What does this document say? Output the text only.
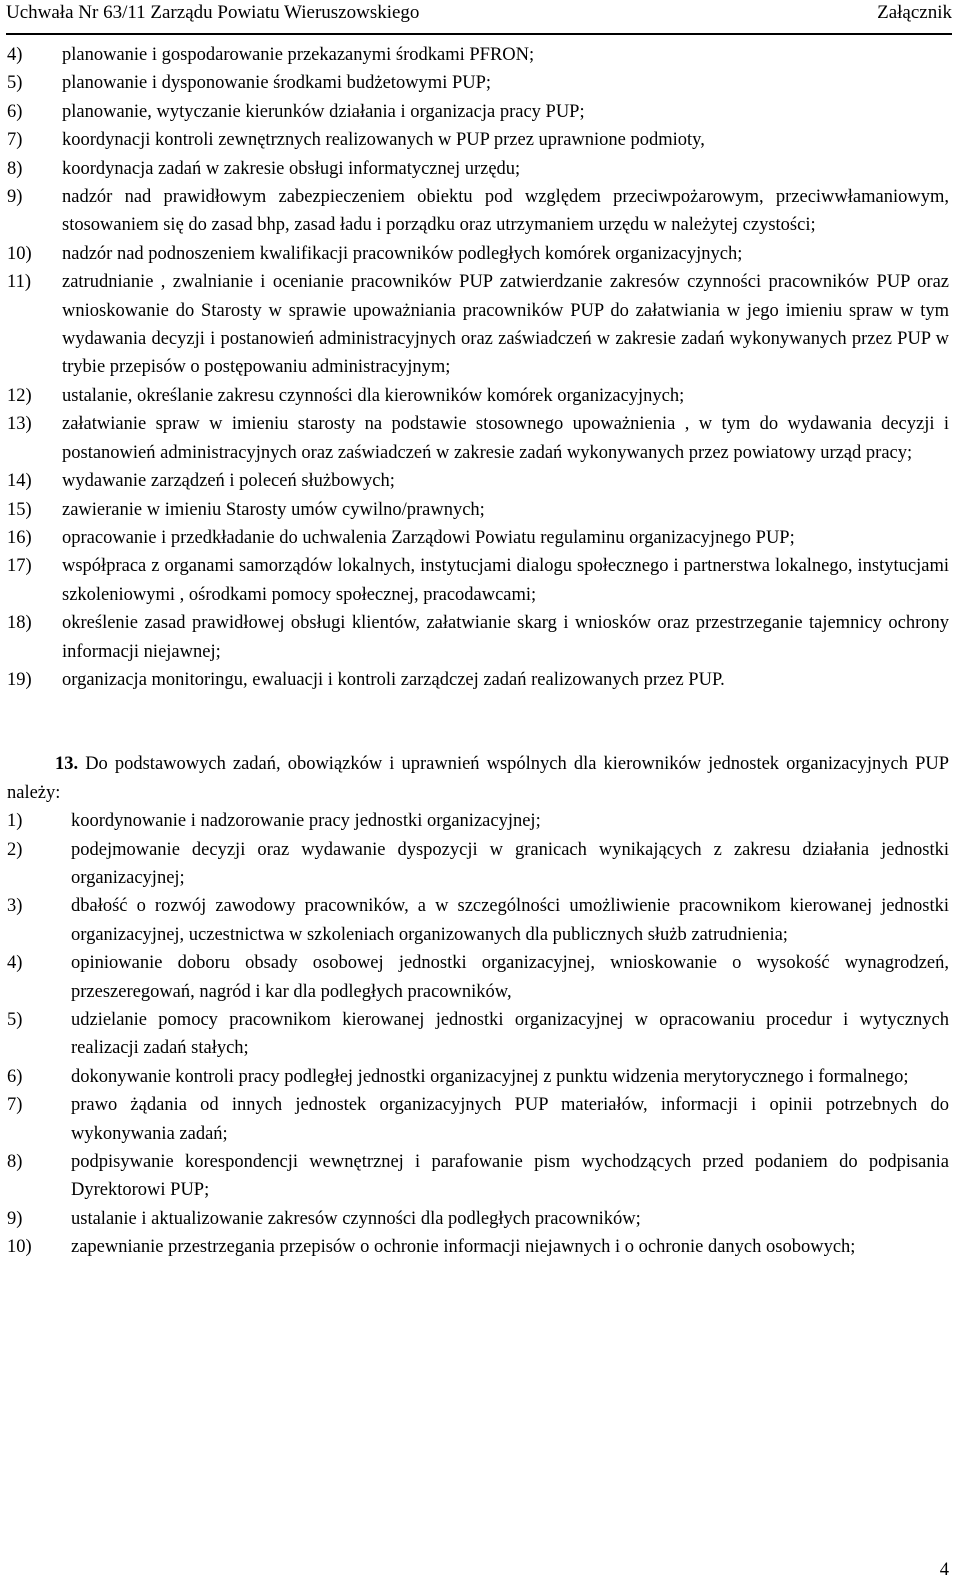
Uchwała Nr 63/11 Zarządu Powiatu Wieruszowskiego	Załącznik
4) planowanie i gospodarowanie przekazanymi środkami PFRON;
5) planowanie i dysponowanie środkami budżetowymi PUP;
6) planowanie, wytyczanie kierunków działania i organizacja pracy PUP;
7) koordynacji kontroli zewnętrznych realizowanych w PUP przez uprawnione podmioty,
8) koordynacja zadań w zakresie obsługi informatycznej urzędu;
9) nadzór nad prawidłowym zabezpieczeniem obiektu pod względem przeciwpożarowym, przeciwwłamaniowym, stosowaniem się do zasad bhp, zasad ładu i porządku oraz utrzymaniem urzędu w należytej czystości;
10) nadzór nad podnoszeniem kwalifikacji pracowników podległych komórek organizacyjnych;
11) zatrudnianie , zwalnianie i ocenianie pracowników PUP zatwierdzanie zakresów czynności pracowników PUP oraz wnioskowanie do Starosty w sprawie upoważniania pracowników PUP do załatwiania w jego imieniu spraw w tym wydawania decyzji i postanowień administracyjnych oraz zaświadczeń w zakresie zadań wykonywanych przez PUP w trybie przepisów o postępowaniu administracyjnym;
12) ustalanie, określanie zakresu czynności dla kierowników komórek organizacyjnych;
13) załatwianie spraw w imieniu starosty na podstawie stosownego upoważnienia , w tym do wydawania decyzji i postanowień administracyjnych oraz zaświadczeń w zakresie zadań wykonywanych przez powiatowy urząd pracy;
14) wydawanie zarządzeń i poleceń służbowych;
15) zawieranie w imieniu Starosty umów cywilno/prawnych;
16) opracowanie i przedkładanie do uchwalenia Zarządowi Powiatu regulaminu organizacyjnego PUP;
17) współpraca z organami samorządów lokalnych, instytucjami dialogu społecznego i partnerstwa lokalnego, instytucjami szkoleniowymi , ośrodkami pomocy społecznej, pracodawcami;
18) określenie zasad prawidłowej obsługi klientów, załatwianie skarg i wniosków oraz przestrzeganie tajemnicy ochrony informacji niejawnej;
19) organizacja monitoringu, ewaluacji i kontroli zarządczej zadań realizowanych przez PUP.
13. Do podstawowych zadań, obowiązków i uprawnień wspólnych dla kierowników jednostek organizacyjnych PUP należy:
1)	koordynowanie i nadzorowanie pracy jednostki organizacyjnej;
2)	podejmowanie decyzji oraz wydawanie dyspozycji w granicach wynikających z zakresu działania jednostki organizacyjnej;
3)	dbałość o rozwój zawodowy pracowników, a w szczególności umożliwienie pracownikom kierowanej jednostki organizacyjnej, uczestnictwa w szkoleniach organizowanych dla publicznych służb zatrudnienia;
4)	opiniowanie doboru obsady osobowej jednostki organizacyjnej, wnioskowanie o wysokość wynagrodzeń, przeszeregowań, nagród i kar dla podległych pracowników,
5)	udzielanie pomocy pracownikom kierowanej jednostki organizacyjnej w opracowaniu procedur i wytycznych realizacji zadań stałych;
6)	dokonywanie kontroli pracy podległej jednostki organizacyjnej z punktu widzenia merytorycznego i formalnego;
7)	prawo żądania od innych jednostek organizacyjnych PUP materiałów, informacji i opinii potrzebnych do wykonywania zadań;
8)	podpisywanie korespondencji wewnętrznej i parafowanie pism wychodzących przed podaniem do podpisania Dyrektorowi PUP;
9)	ustalanie i aktualizowanie zakresów czynności dla podległych pracowników;
10) zapewnianie przestrzegania przepisów o ochronie informacji niejawnych i o ochronie danych osobowych;
4
